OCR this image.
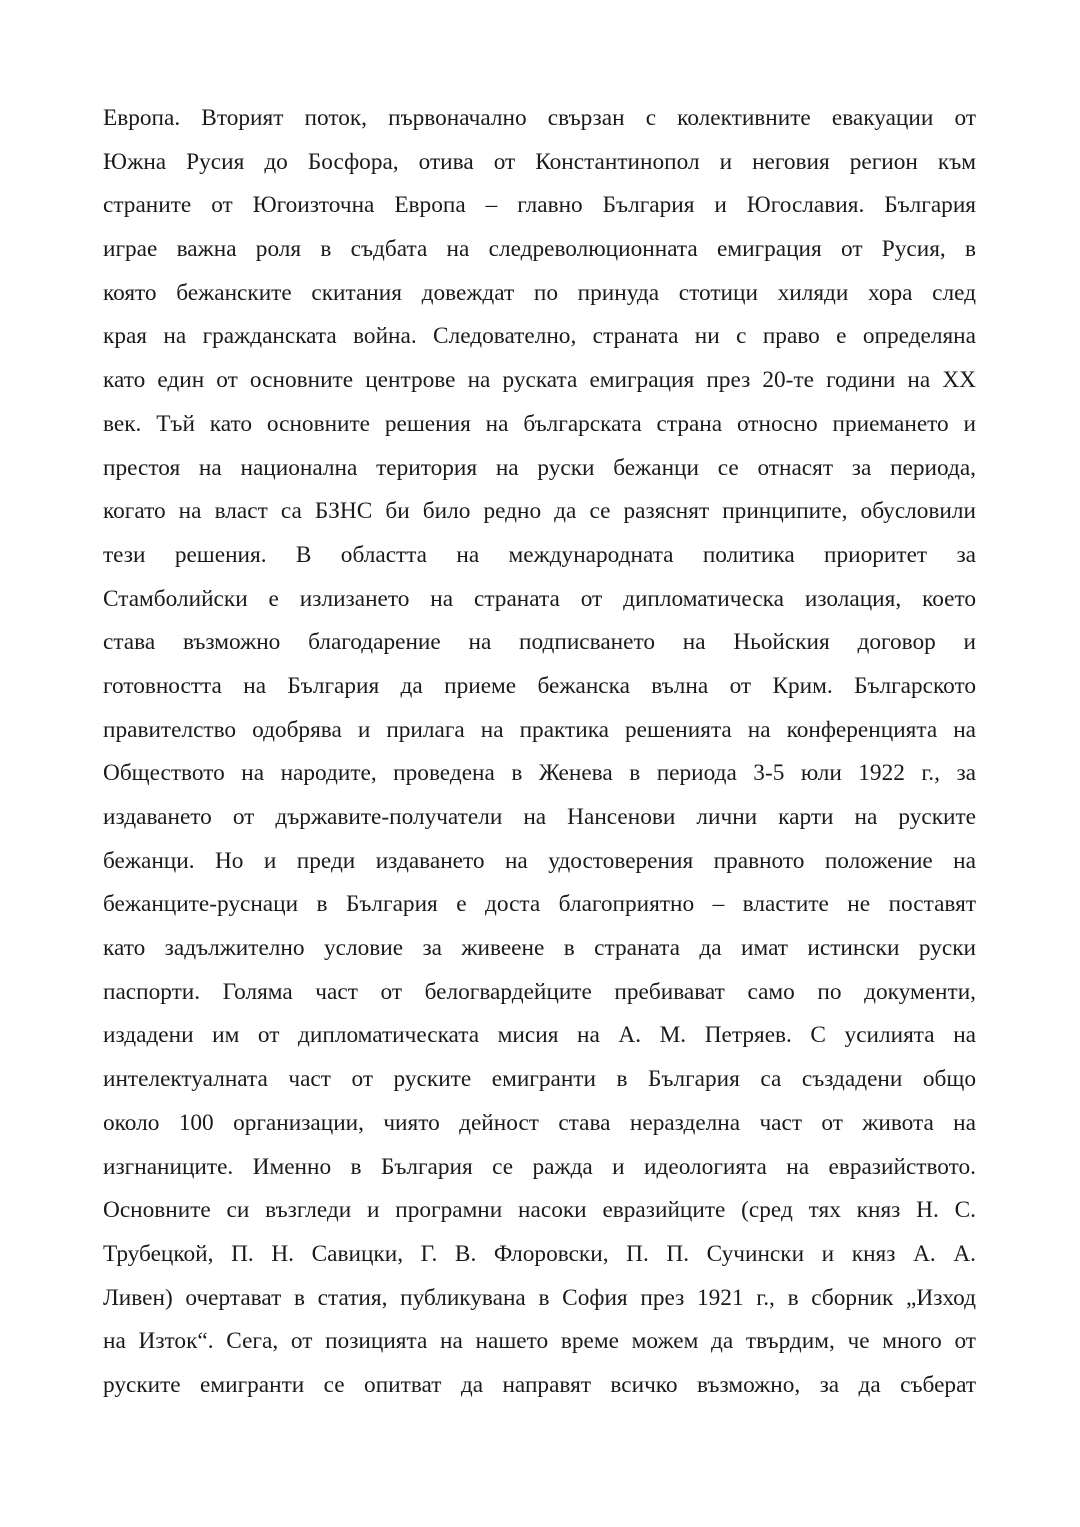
Европа. Вторият поток, първоначално свързан с колективните евакуации от
Южна Русия до Босфора, отива от Константинопол и неговия регион към
страните от Югоизточна Европа – главно България и Югославия. България
играе важна роля в съдбата на следреволюционната емиграция от Русия, в
която бежанските скитания довеждат по принуда стотици хиляди хора след
края на гражданската война. Следователно, страната ни с право е определяна
като един от основните центрове на руската емиграция през 20-те години на XX
век. Тъй като основните решения на българската страна относно приемането и
престоя на национална територия на руски бежанци се отнасят за периода,
когато на власт са БЗНС би било редно да се разяснят принципите, обусловили
тези решения. В областта на международната политика приоритет за
Стамболийски е излизането на страната от дипломатическа изолация, което
става възможно благодарение на подписването на Ньойския договор и
готовността на България да приеме бежанска вълна от Крим. Българското
правителство одобрява и прилага на практика решенията на конференцията на
Обществото на народите, проведена в Женева в периода 3-5 юли 1922 г., за
издаването от държавите-получатели на Нансенови лични карти на руските
бежанци. Но и преди издаването на удостоверения правното положение на
бежанците-руснаци в България е доста благоприятно – властите не поставят
като задължително условие за живеене в страната да имат истински руски
паспорти. Голяма част от белогвардейците пребивават само по документи,
издадени им от дипломатическата мисия на А. М. Петряев. С усилията на
интелектуалната част от руските емигранти в България са създадени общо
около 100 организации, чиято дейност става неразделна част от живота на
изгнаниците. Именно в България се ражда и идеологията на евразийството.
Основните си възгледи и програмни насоки евразийците (сред тях княз Н. С.
Трубецкой, П. Н. Савицки, Г. В. Флоровски, П. П. Сучински и княз А. А.
Ливен) очертават в статия, публикувана в София през 1921 г., в сборник „Изход
на Изток“. Сега, от позицията на нашето време можем да твърдим, че много от
руските емигранти се опитват да направят всичко възможно, за да съберат
